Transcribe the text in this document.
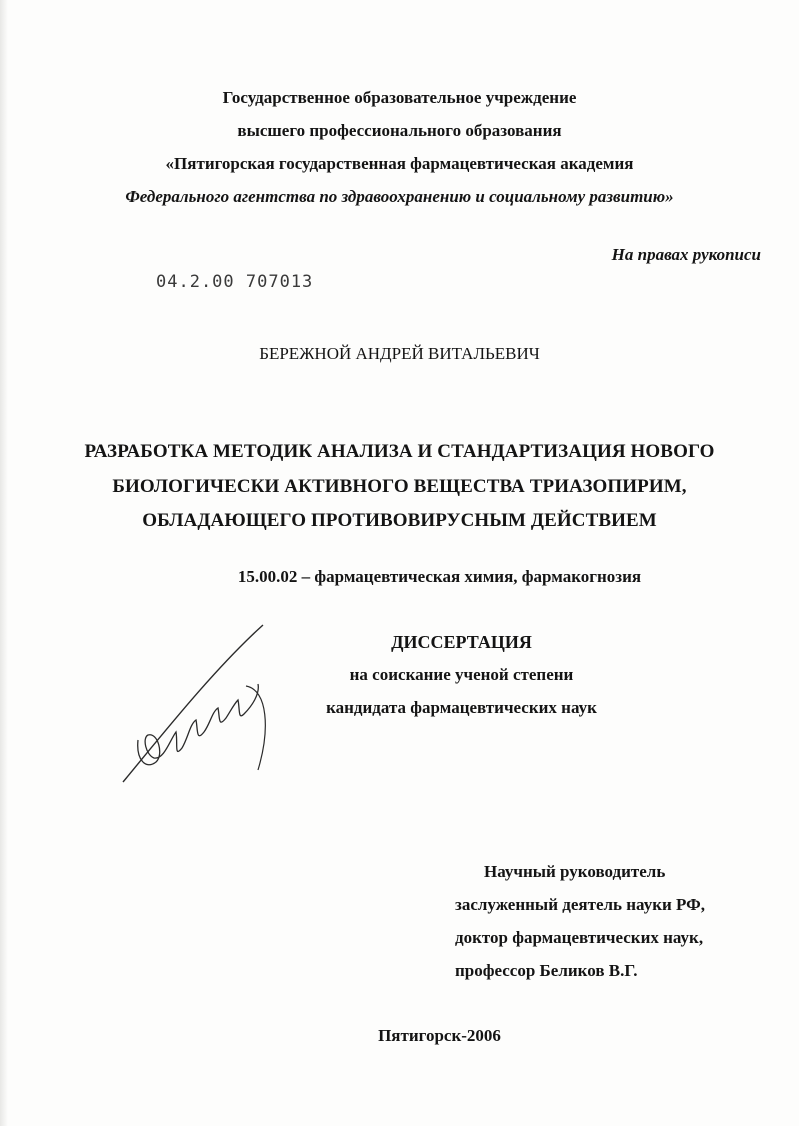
Государственное образовательное учреждение
высшего профессионального образования
«Пятигорская государственная фармацевтическая академия
Федерального агентства по здравоохранению и социальному развитию»
На правах рукописи
04.2.00 707013
БЕРЕЖНОЙ АНДРЕЙ ВИТАЛЬЕВИЧ
РАЗРАБОТКА МЕТОДИК АНАЛИЗА И СТАНДАРТИЗАЦИЯ НОВОГО
БИОЛОГИЧЕСКИ АКТИВНОГО ВЕЩЕСТВА ТРИАЗОПИРИМ,
ОБЛАДАЮЩЕГО ПРОТИВОВИРУСНЫМ ДЕЙСТВИЕМ
15.00.02 – фармацевтическая химия, фармакогнозия
ДИССЕРТАЦИЯ
на соискание ученой степени
кандидата фармацевтических наук
Научный руководитель
заслуженный деятель науки РФ,
доктор фармацевтических наук,
профессор Беликов В.Г.
Пятигорск-2006
